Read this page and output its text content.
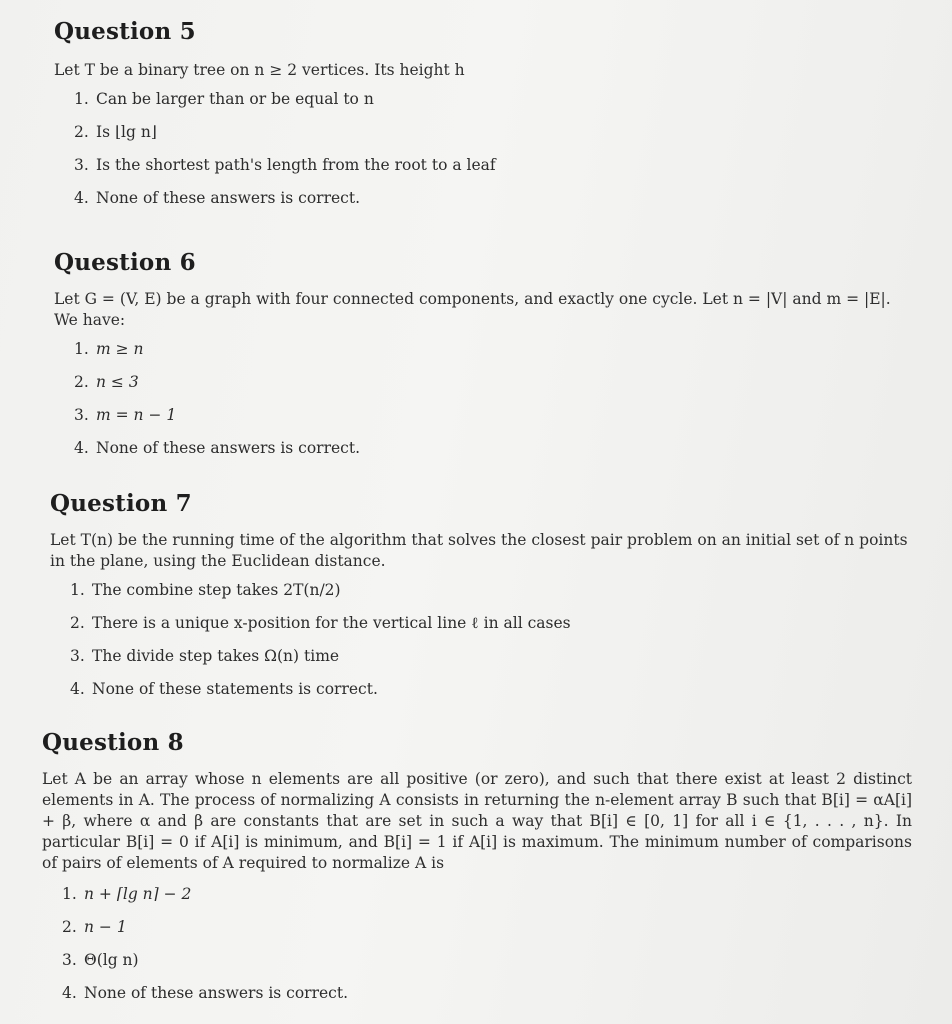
Question 5
Let T be a binary tree on n ≥ 2 vertices. Its height h
1. Can be larger than or be equal to n
2. Is ⌊lg n⌋
3. Is the shortest path's length from the root to a leaf
4. None of these answers is correct.
Question 6
Let G = (V, E) be a graph with four connected components, and exactly one cycle. Let n = |V| and m = |E|. We have:
1. m ≥ n
2. n ≤ 3
3. m = n − 1
4. None of these answers is correct.
Question 7
Let T(n) be the running time of the algorithm that solves the closest pair problem on an initial set of n points in the plane, using the Euclidean distance.
1. The combine step takes 2T(n/2)
2. There is a unique x-position for the vertical line ℓ in all cases
3. The divide step takes Ω(n) time
4. None of these statements is correct.
Question 8
Let A be an array whose n elements are all positive (or zero), and such that there exist at least 2 distinct elements in A. The process of normalizing A consists in returning the n-element array B such that B[i] = αA[i] + β, where α and β are constants that are set in such a way that B[i] ∈ [0, 1] for all i ∈ {1, . . . , n}. In particular B[i] = 0 if A[i] is minimum, and B[i] = 1 if A[i] is maximum. The minimum number of comparisons of pairs of elements of A required to normalize A is
1. n + ⌈lg n⌉ − 2
2. n − 1
3. Θ(lg n)
4. None of these answers is correct.
